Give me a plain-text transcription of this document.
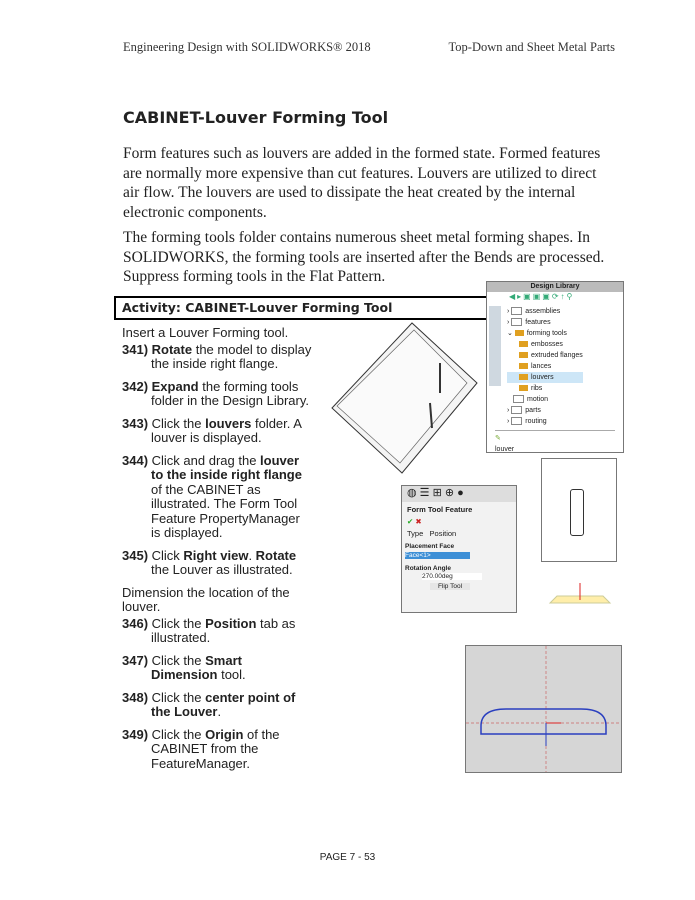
Engineering Design with SOLIDWORKS® 2018	Top-Down and Sheet Metal Parts
CABINET-Louver Forming Tool
Form features such as louvers are added in the formed state. Formed features are normally more expensive than cut features. Louvers are utilized to direct air flow. The louvers are used to dissipate the heat created by the internal electronic components.
The forming tools folder contains numerous sheet metal forming shapes. In SOLIDWORKS, the forming tools are inserted after the Bends are processed. Suppress forming tools in the Flat Pattern.
Activity: CABINET-Louver Forming Tool
Insert a Louver Forming tool.
341) Rotate the model to display the inside right flange.
342) Expand the forming tools folder in the Design Library.
343) Click the louvers folder. A louver is displayed.
344) Click and drag the louver to the inside right flange of the CABINET as illustrated. The Form Tool Feature PropertyManager is displayed.
345) Click Right view. Rotate the Louver as illustrated.
Dimension the location of the louver.
346) Click the Position tab as illustrated.
347) Click the Smart Dimension tool.
348) Click the center point of the Louver.
349) Click the Origin of the CABINET from the FeatureManager.
Design Library
◀ ▸ ▣ ▣ ▣ ⟳ ↑ ⚲
› assemblies
› features
⌄ forming tools
embosses
extruded flanges
lances
louvers
ribs
motion
› parts
› routing
✎
louver
◍ ☰ ⊞ ⊕ ●
Form Tool Feature
✔ ✖
Type Position
Placement Face
Face<1>
Rotation Angle
270.00deg
Flip Tool
PAGE 7 - 53
